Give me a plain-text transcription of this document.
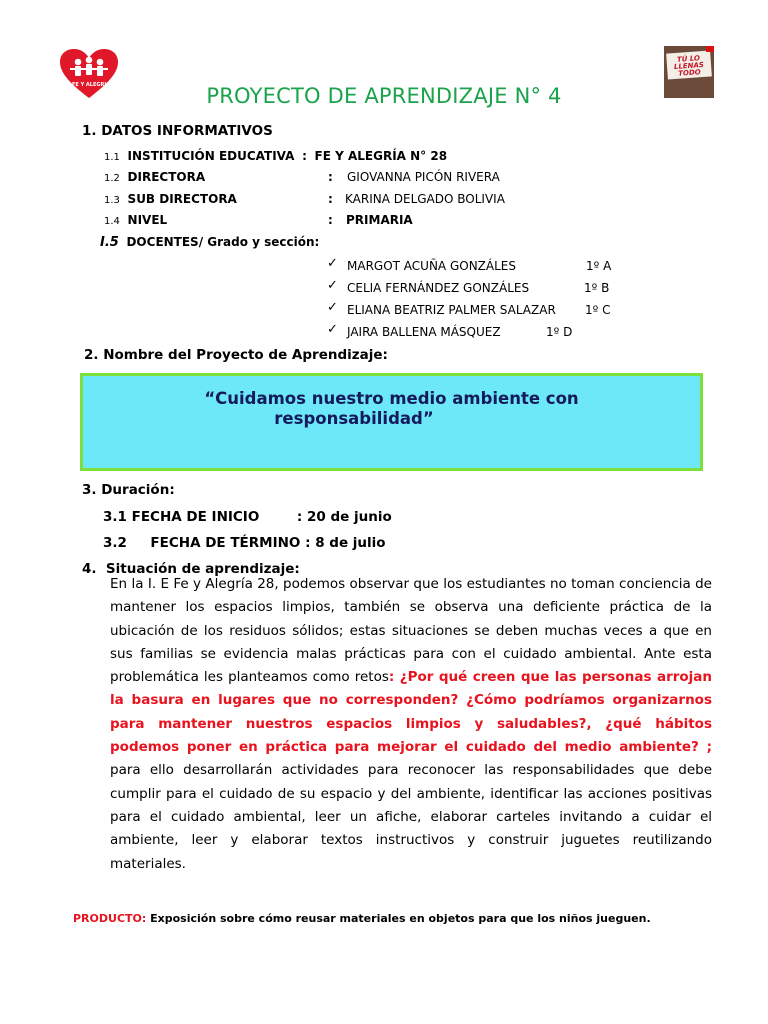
FE Y ALEGRIA
TÚ LO LLENAS TODO
PROYECTO DE APRENDIZAJE N° 4
1. DATOS INFORMATIVOS
1.1 INSTITUCIÓN EDUCATIVA : FE Y ALEGRÍA N° 28
1.2 DIRECTORA	: GIOVANNA PICÓN RIVERA
1.3 SUB DIRECTORA	: KARINA DELGADO BOLIVIA
1.4 NIVEL	: PRIMARIA
I.5 DOCENTES/ Grado y sección:
✓ MARGOT ACUÑA GONZÁLES	1º A
✓ CELIA FERNÁNDEZ GONZÁLES	1º B
✓ ELIANA BEATRIZ PALMER SALAZAR 1º C
✓ JAIRA BALLENA MÁSQUEZ	1º D
2. Nombre del Proyecto de Aprendizaje:
“Cuidamos nuestro medio ambiente con
responsabilidad”
3. Duración:
3.1 FECHA DE INICIO        : 20 de junio
3.2     FECHA DE TÉRMINO : 8 de julio
4.  Situación de aprendizaje:
En la I. E Fe y Alegría 28, podemos observar que los estudiantes no toman conciencia de mantener los espacios limpios, también se observa una deficiente práctica de la ubicación de los residuos sólidos; estas situaciones se deben muchas veces a que en sus familias se evidencia malas prácticas para con el cuidado ambiental. Ante esta problemática les planteamos como retos: ¿Por qué creen que las personas arrojan la basura en lugares que no corresponden? ¿Cómo podríamos organizarnos para mantener nuestros espacios limpios y saludables?, ¿qué hábitos podemos poner en práctica para mejorar el cuidado del medio ambiente? ; para ello desarrollarán actividades para reconocer las responsabilidades que debe cumplir para el cuidado de su espacio y del ambiente, identificar las acciones positivas para el cuidado ambiental, leer un afiche, elaborar carteles invitando a cuidar el ambiente, leer y elaborar textos instructivos y construir juguetes reutilizando materiales.
PRODUCTO: Exposición sobre cómo reusar materiales en objetos para que los niños jueguen.
